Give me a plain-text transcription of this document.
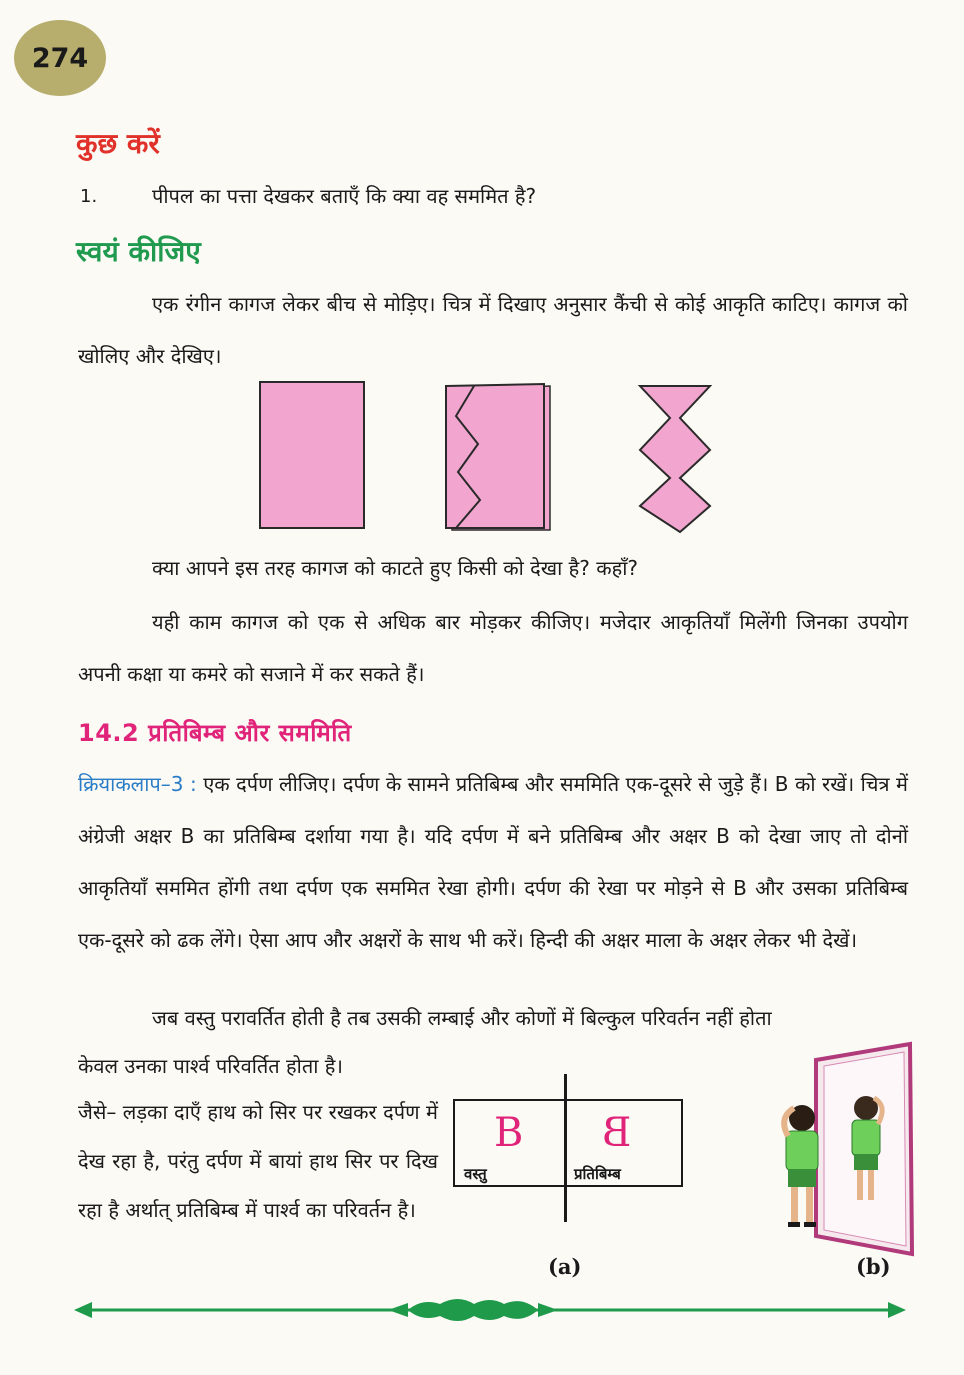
274
कुछ करें
1.	पीपल का पत्ता देखकर बताएँ कि क्या वह सममित है?
स्वयं कीजिए
एक रंगीन कागज लेकर बीच से मोड़िए। चित्र में दिखाए अनुसार कैंची से कोई आकृति काटिए। कागज को खोलिए और देखिए।
क्या आपने इस तरह कागज को काटते हुए किसी को देखा है? कहाँ?
यही काम कागज को एक से अधिक बार मोड़कर कीजिए। मजेदार आकृतियाँ मिलेंगी जिनका उपयोग अपनी कक्षा या कमरे को सजाने में कर सकते हैं।
14.2 प्रतिबिम्ब और सममिति
क्रियाकलाप–3 : एक दर्पण लीजिए। दर्पण के सामने प्रतिबिम्ब और सममिति एक-दूसरे से जुड़े हैं। B को रखें। चित्र में अंग्रेजी अक्षर B का प्रतिबिम्ब दर्शाया गया है। यदि दर्पण में बने प्रतिबिम्ब और अक्षर B को देखा जाए तो दोनों आकृतियाँ सममित होंगी तथा दर्पण एक सममित रेखा होगी। दर्पण की रेखा पर मोड़ने से B और उसका प्रतिबिम्ब एक-दूसरे को ढक लेंगे। ऐसा आप और अक्षरों के साथ भी करें। हिन्दी की अक्षर माला के अक्षर लेकर भी देखें।
जब वस्तु परावर्तित होती है तब उसकी लम्बाई और कोणों में बिल्कुल परिवर्तन नहीं होता
केवल उनका पार्श्व परिवर्तित होता है।
जैसे– लड़का दाएँ हाथ को सिर पर रखकर दर्पण में देख रहा है, परंतु दर्पण में बायां हाथ सिर पर दिख रहा है अर्थात् प्रतिबिम्ब में पार्श्व का परिवर्तन है।
B B
वस्तु	प्रतिबिम्ब
(a)	(b)
